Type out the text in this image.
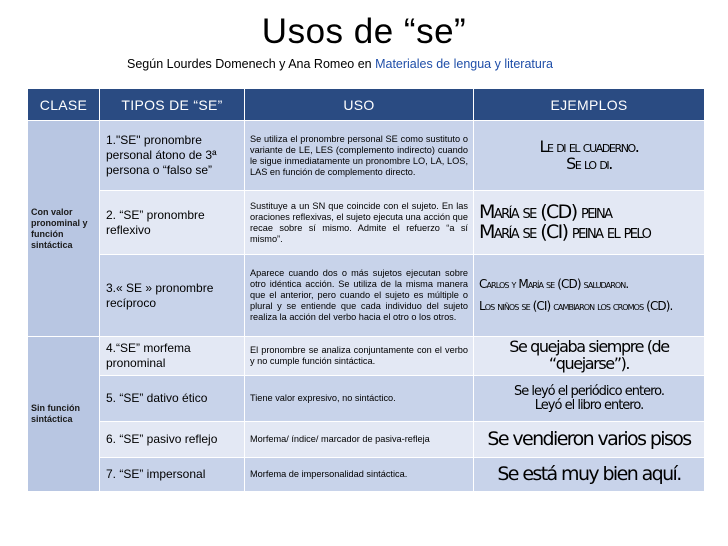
Usos de “se”
Según Lourdes Domenech y Ana Romeo en Materiales de lengua y literatura
CLASE	TIPOS DE “SE”	USO	EJEMPLOS
Con valor pronominal y función sintáctica	1."SE" pronombre personal átono de 3ª persona o “falso se”	Se utiliza el pronombre personal SE como sustituto o variante de LE, LES (complemento indirecto) cuando le sigue inmediatamente un pronombre LO, LA, LOS, LAS en función de complemento directo.	Le di el cuaderno.
Se lo di.

	2. “SE” pronombre reflexivo	Sustituye a un SN que coincide con el sujeto. En las oraciones reflexivas, el sujeto ejecuta una acción que recae sobre sí mismo. Admite el refuerzo “a sí mismo”.	María se (CD) peina
María se (CI) peina el pelo

	3.« SE » pronombre recíproco	Aparece cuando dos o más sujetos ejecutan sobre otro idéntica acción. Se utiliza de la misma manera que el anterior, pero cuando el sujeto es múltiple o plural y se entiende que cada individuo del sujeto realiza la acción del verbo hacia el otro o los otros.	Carlos y María se (CD) saludaron.
Los niños se (CI) cambiaron los cromos (CD).

Sin función sintáctica	4.“SE” morfema pronominal	El pronombre se analiza conjuntamente con el verbo y no cumple función sintáctica.	Se quejaba siempre (de “quejarse”).

	5. “SE” dativo ético	Tiene valor expresivo, no sintáctico.	Se leyó el periódico entero.
Leyó el libro entero.

	6. “SE” pasivo reflejo	Morfema/ índice/ marcador de pasiva-refleja	Se vendieron varios pisos

	7. “SE” impersonal	Morfema de impersonalidad sintáctica.	Se está muy bien aquí.
